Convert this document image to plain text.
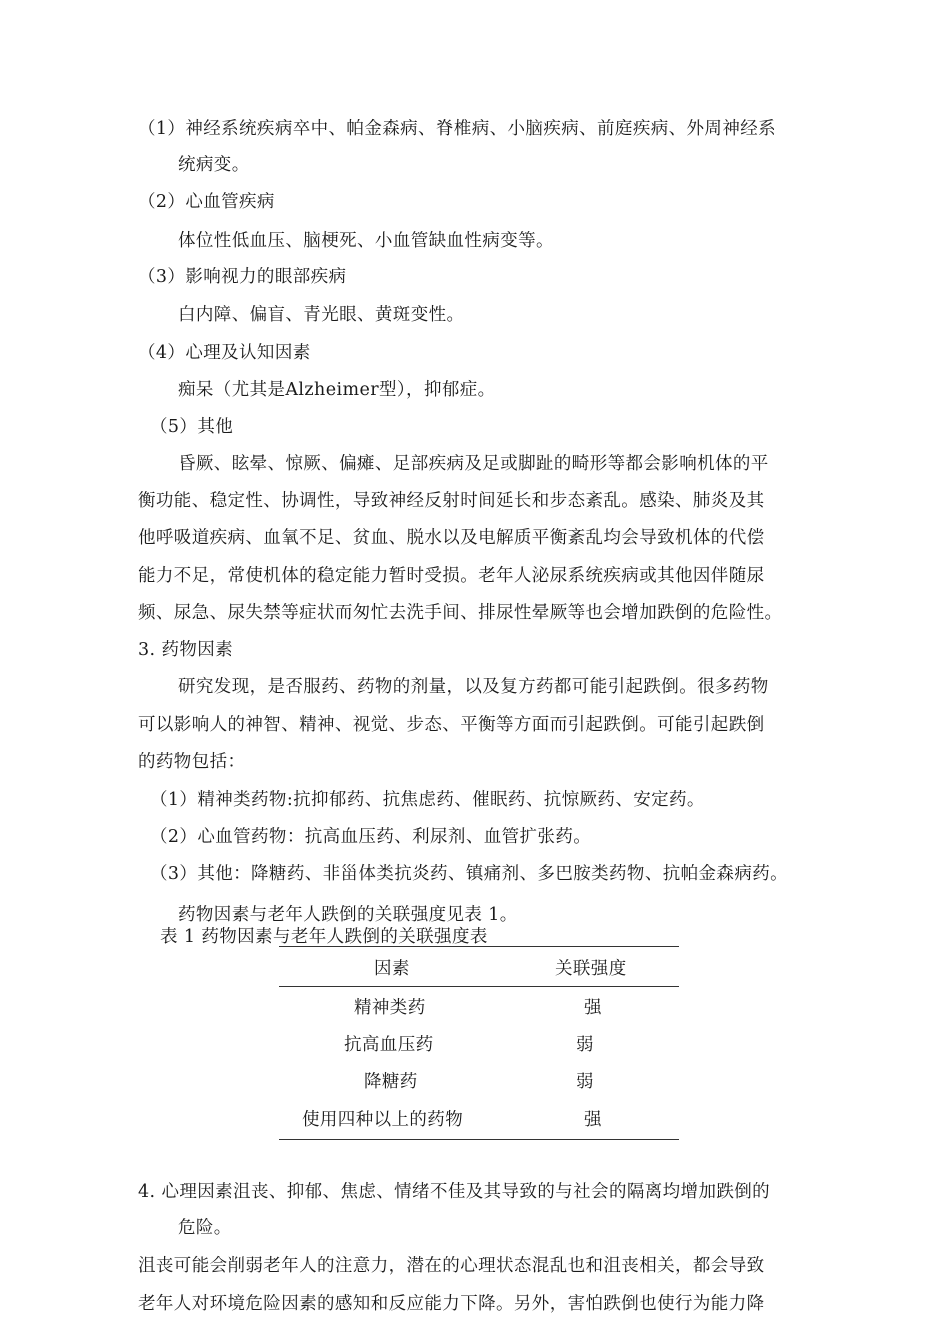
（1）神经系统疾病卒中、帕金森病、脊椎病、小脑疾病、前庭疾病、外周神经系
统病变。
（2）心血管疾病
体位性低血压、脑梗死、小血管缺血性病变等。
（3）影响视力的眼部疾病
白内障、偏盲、青光眼、黄斑变性。
（4）心理及认知因素
痴呆（尤其是Alzheimer型），抑郁症。
（5）其他
昏厥、眩晕、惊厥、偏瘫、足部疾病及足或脚趾的畸形等都会影响机体的平
衡功能、稳定性、协调性，导致神经反射时间延长和步态紊乱。感染、肺炎及其
他呼吸道疾病、血氧不足、贫血、脱水以及电解质平衡紊乱均会导致机体的代偿
能力不足，常使机体的稳定能力暂时受损。老年人泌尿系统疾病或其他因伴随尿
频、尿急、尿失禁等症状而匆忙去洗手间、排尿性晕厥等也会增加跌倒的危险性。
3. 药物因素
研究发现，是否服药、药物的剂量，以及复方药都可能引起跌倒。很多药物
可以影响人的神智、精神、视觉、步态、平衡等方面而引起跌倒。可能引起跌倒
的药物包括：
（1）精神类药物:抗抑郁药、抗焦虑药、催眠药、抗惊厥药、安定药。
（2）心血管药物：抗高血压药、利尿剂、血管扩张药。
（3）其他：降糖药、非甾体类抗炎药、镇痛剂、多巴胺类药物、抗帕金森病药。
药物因素与老年人跌倒的关联强度见表 1。
表 1 药物因素与老年人跌倒的关联强度表
因素	关联强度
精神类药	强
抗高血压药	弱
降糖药	弱
使用四种以上的药物	强
4. 心理因素沮丧、抑郁、焦虑、情绪不佳及其导致的与社会的隔离均增加跌倒的
危险。
沮丧可能会削弱老年人的注意力，潜在的心理状态混乱也和沮丧相关，都会导致
老年人对环境危险因素的感知和反应能力下降。另外，害怕跌倒也使行为能力降
